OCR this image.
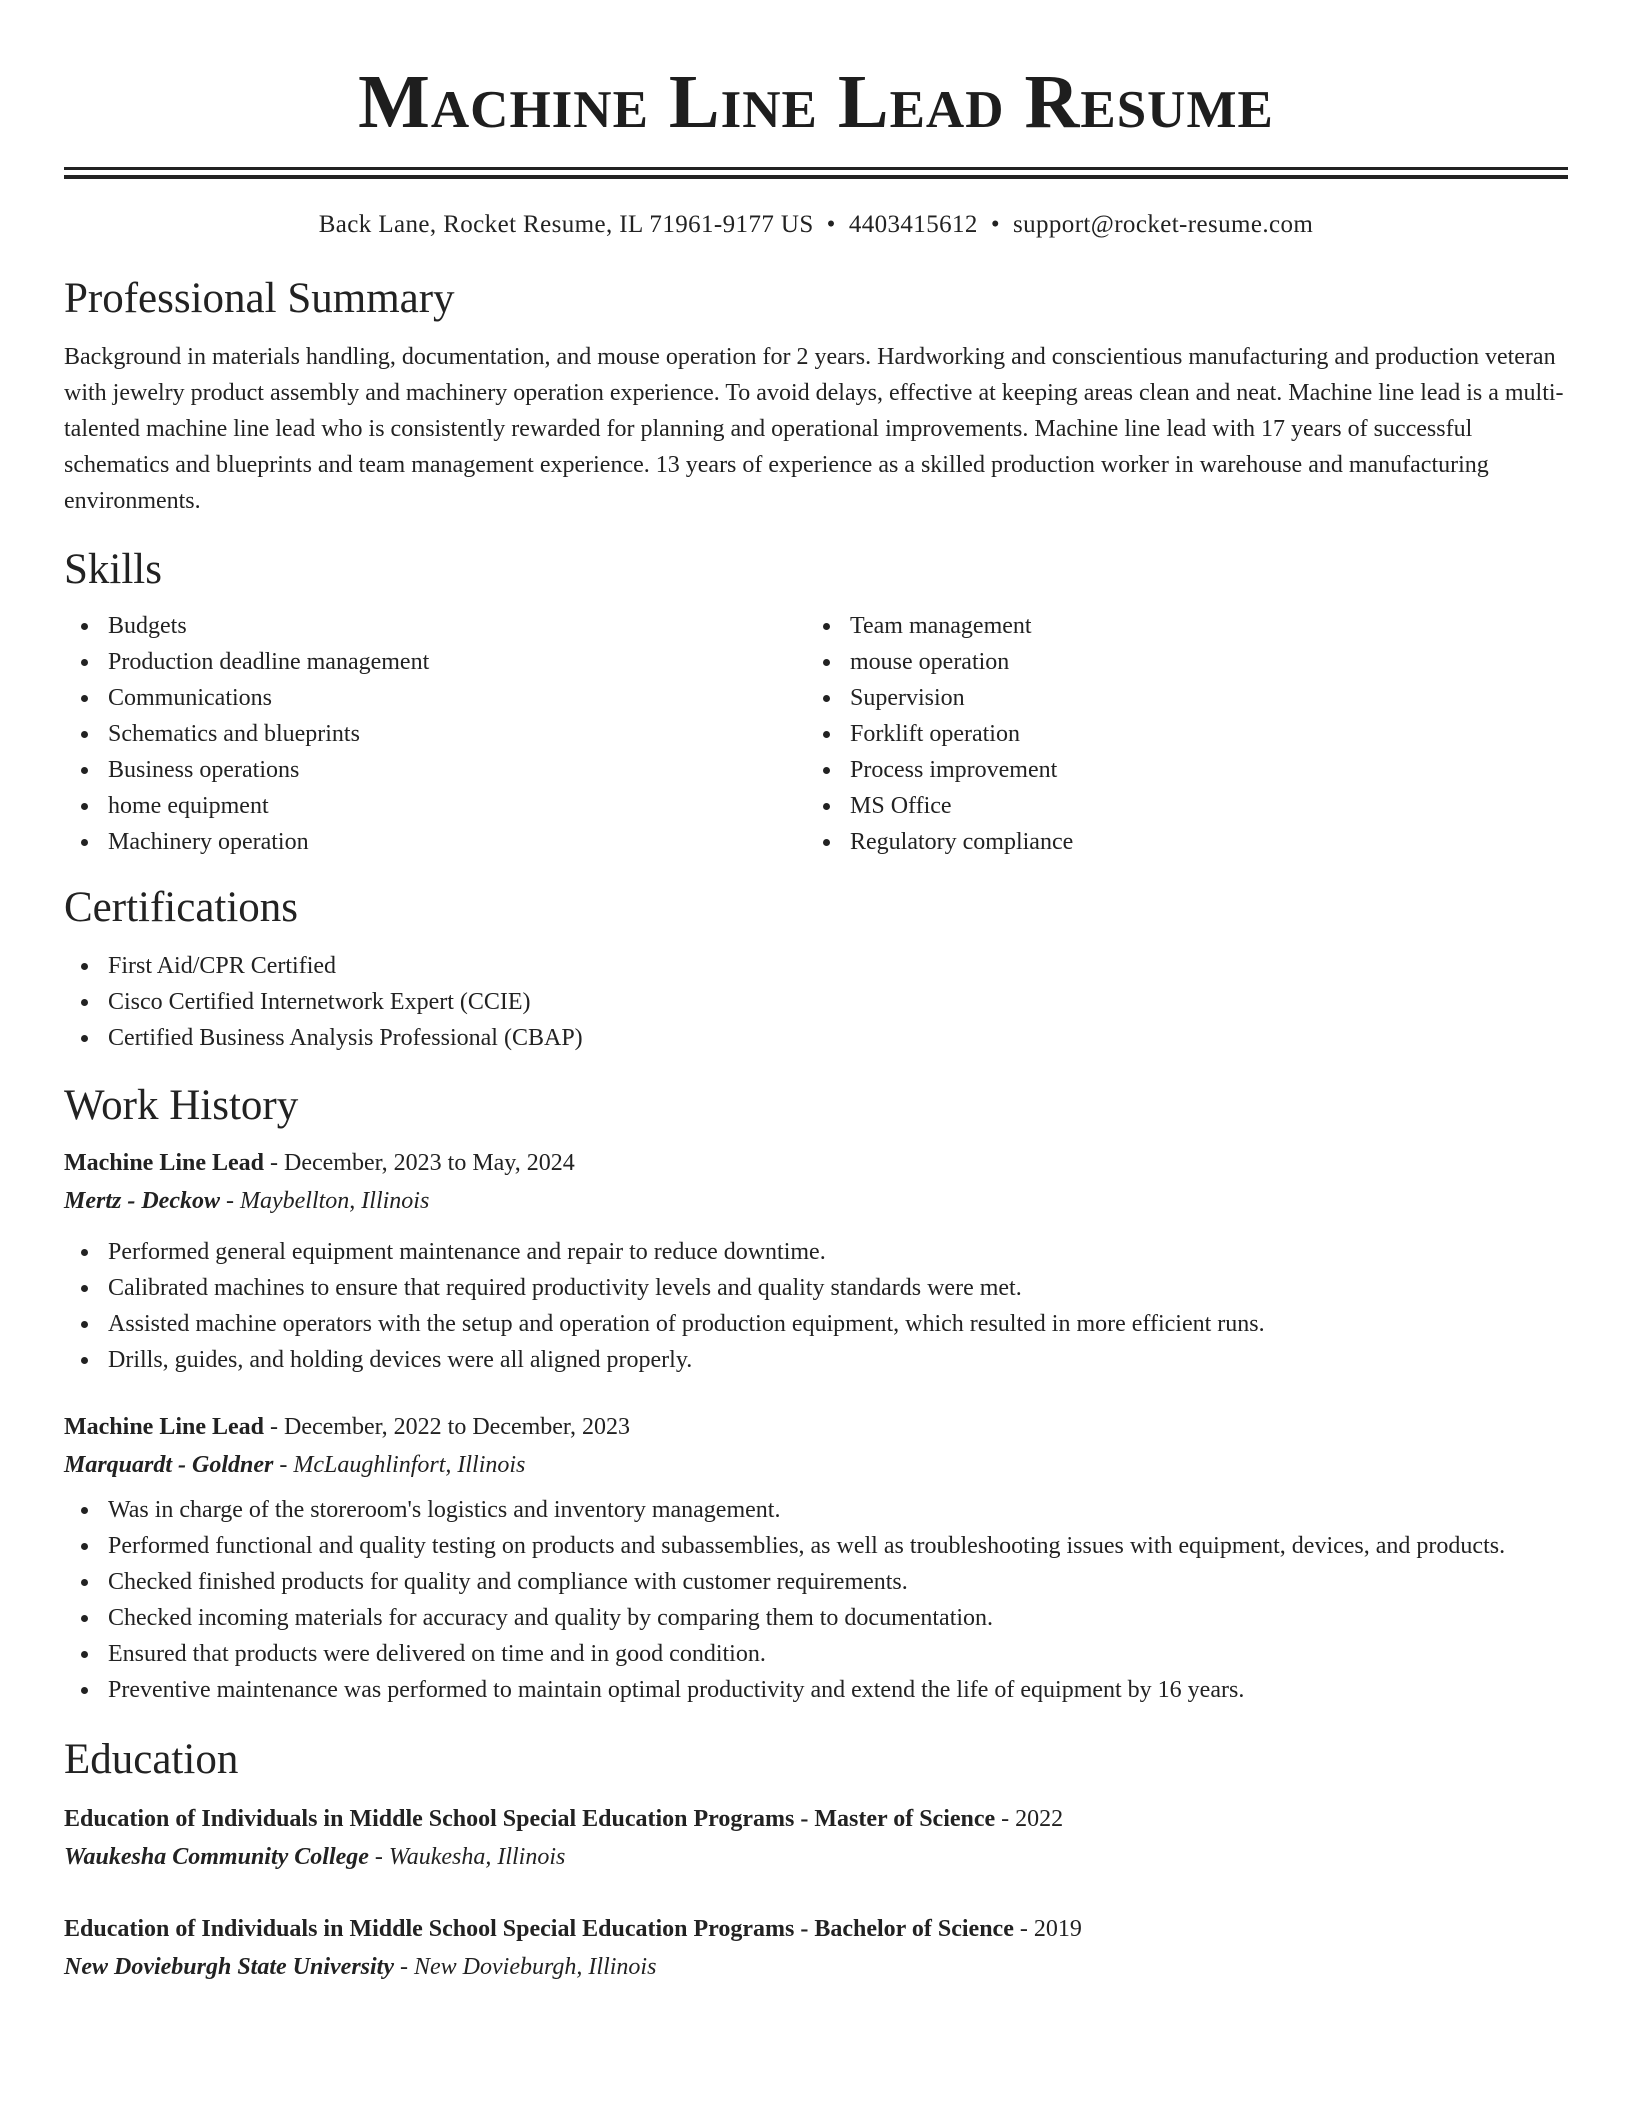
Machine Line Lead Resume
Back Lane, Rocket Resume, IL 71961-9177 US • 4403415612 • support@rocket-resume.com
Professional Summary

Background in materials handling, documentation, and mouse operation for 2 years. Hardworking and conscientious manufacturing and production veteran with jewelry product assembly and machinery operation experience. To avoid delays, effective at keeping areas clean and neat. Machine line lead is a multi-talented machine line lead who is consistently rewarded for planning and operational improvements. Machine line lead with 17 years of successful schematics and blueprints and team management experience. 13 years of experience as a skilled production worker in warehouse and manufacturing environments.

Skills
Budgets
Production deadline management
Communications
Schematics and blueprints
Business operations
home equipment
Machinery operation
Team management
mouse operation
Supervision
Forklift operation
Process improvement
MS Office
Regulatory compliance
Certifications
First Aid/CPR Certified
Cisco Certified Internetwork Expert (CCIE)
Certified Business Analysis Professional (CBAP)
Work History
Machine Line Lead - December, 2023 to May, 2024
Mertz - Deckow - Maybellton, Illinois
Performed general equipment maintenance and repair to reduce downtime.
Calibrated machines to ensure that required productivity levels and quality standards were met.
Assisted machine operators with the setup and operation of production equipment, which resulted in more efficient runs.
Drills, guides, and holding devices were all aligned properly.
Machine Line Lead - December, 2022 to December, 2023
Marquardt - Goldner - McLaughlinfort, Illinois
Was in charge of the storeroom's logistics and inventory management.
Performed functional and quality testing on products and subassemblies, as well as troubleshooting issues with equipment, devices, and products.
Checked finished products for quality and compliance with customer requirements.
Checked incoming materials for accuracy and quality by comparing them to documentation.
Ensured that products were delivered on time and in good condition.
Preventive maintenance was performed to maintain optimal productivity and extend the life of equipment by 16 years.
Education
Education of Individuals in Middle School Special Education Programs - Master of Science - 2022
Waukesha Community College - Waukesha, Illinois
Education of Individuals in Middle School Special Education Programs - Bachelor of Science - 2019
New Dovieburgh State University - New Dovieburgh, Illinois
